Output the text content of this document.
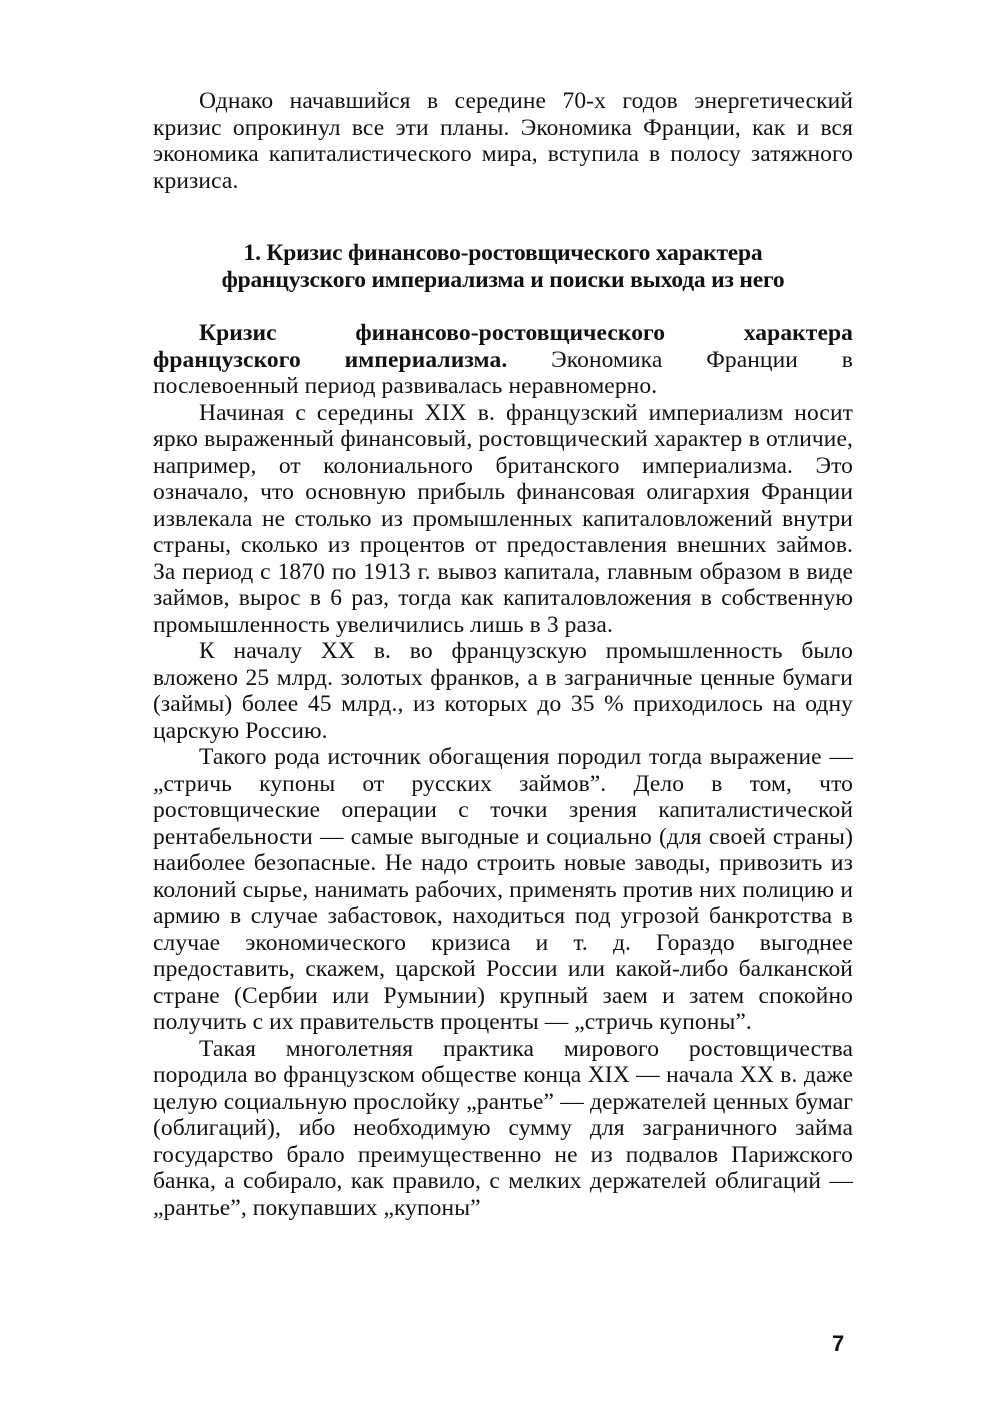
Однако начавшийся в середине 70-х годов энергетический кризис опрокинул все эти планы. Экономика Франции, как и вся экономика капиталистического мира, вступила в полосу затяжного кризиса.

1. Кризис финансово-ростовщического характера
французского империализма и поиски выхода из него

Кризис финансово-ростовщического характера французского империализма. Экономика Франции в послевоенный период развивалась неравномерно.

Начиная с середины XIX в. французский империализм носит ярко выраженный финансовый, ростовщический характер в отличие, например, от колониального британского империализма. Это означало, что основную прибыль финансовая олигархия Франции извлекала не столько из промышленных капиталовложений внутри страны, сколько из процентов от предоставления внешних займов. За период с 1870 по 1913 г. вывоз капитала, главным образом в виде займов, вырос в 6 раз, тогда как капиталовложения в собственную промышленность увеличились лишь в 3 раза.

К началу XX в. во французскую промышленность было вложено 25 млрд. золотых франков, а в заграничные ценные бумаги (займы) более 45 млрд., из которых до 35 % приходилось на одну царскую Россию.

Такого рода источник обогащения породил тогда выражение — „стричь купоны от русских займов”. Дело в том, что ростовщические операции с точки зрения капиталистической рентабельности — самые выгодные и социально (для своей страны) наиболее безопасные. Не надо строить новые заводы, привозить из колоний сырье, нанимать рабочих, применять против них полицию и армию в случае забастовок, находиться под угрозой банкротства в случае экономического кризиса и т. д. Гораздо выгоднее предоставить, скажем, царской России или какой-либо балканской стране (Сербии или Румынии) крупный заем и затем спокойно получить с их правительств проценты — „стричь купоны”.

Такая многолетняя практика мирового ростовщичества породила во французском обществе конца XIX — начала XX в. даже целую социальную прослойку „рантье” — держателей ценных бумаг (облигаций), ибо необходимую сумму для заграничного займа государство брало преимущественно не из подвалов Парижского банка, а собирало, как правило, с мелких держателей облигаций — „рантье”, покупавших „купоны”

7
